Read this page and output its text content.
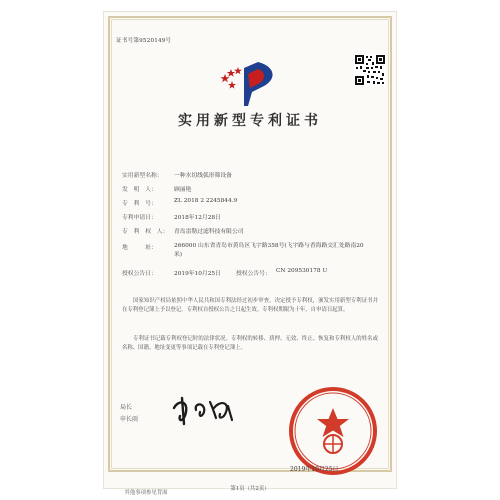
证书号第9520149号
实用新型专利证书
实用新型名称： 一种水切线弧形筛设备
发　明　人：	顾丽艳
专　利　号：	ZL 2018 2 2245844.9
专利申请日：	2018年12月28日
专　利　权　人： 青岛雷勒过滤科技有限公司
地　　　址：	266000 山东省青岛市黄岛区飞宇路358号(飞宇路与香海路交汇处路南20米)
授权公告日：	2019年10月25日	授权公告号： CN 209530178 U
国家知识产权局依照中华人民共和国专利法经过初步审查，决定授予专利权，颁发实用新型专利证书并在专利登记簿上予以登记。专利权自授权公告之日起生效。专利权期限为十年，自申请日起算。
专利证书记载专利权登记时的法律状况。专利权的转移、质押、无效、终止、恢复和专利权人的姓名或名称、国籍、地址变更等事项记载在专利登记簿上。
局长
申长雨
2019年10月25日
第1页（共2页）
其他事项参见背面
